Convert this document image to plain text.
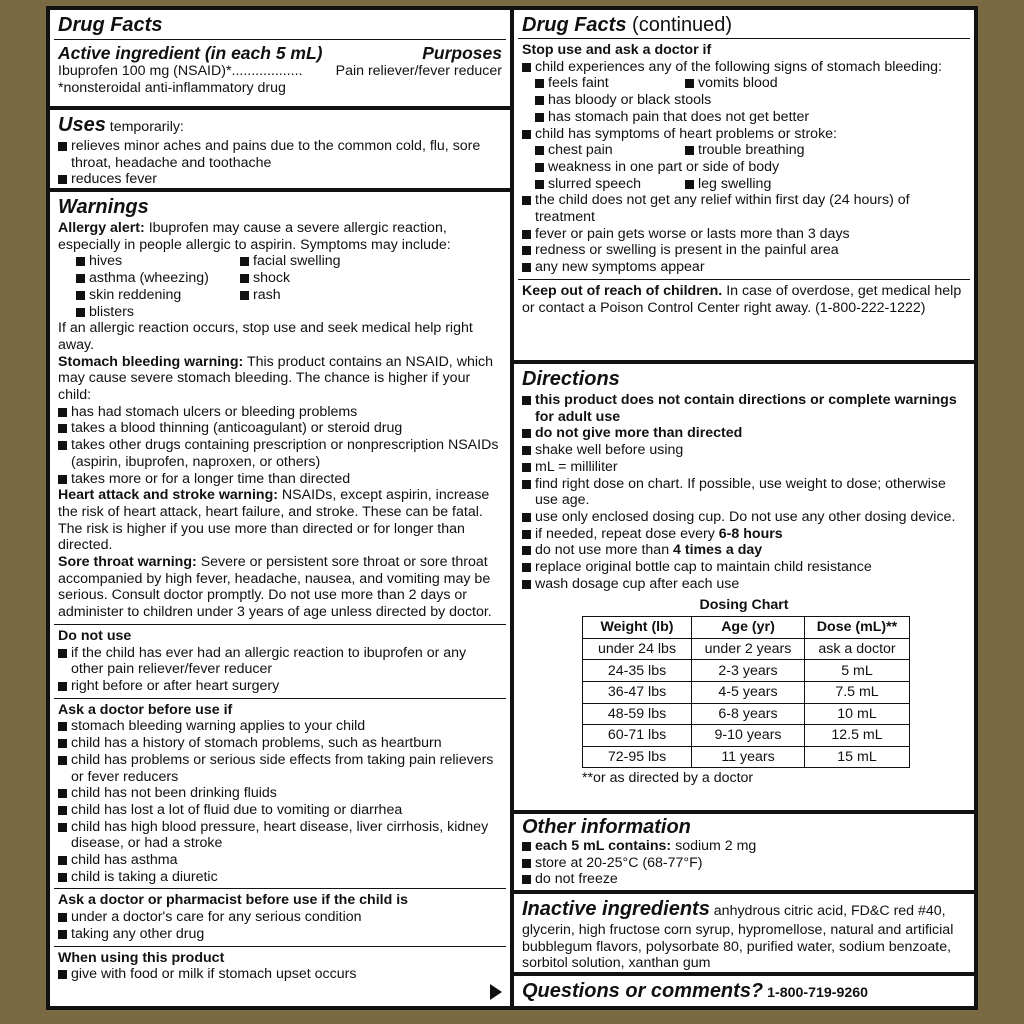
Drug Facts
Active ingredient (in each 5 mL)	Purposes
Ibuprofen 100 mg (NSAID)* ..................	Pain reliever/fever reducer
*nonsteroidal anti-inflammatory drug
Uses temporarily:
relieves minor aches and pains due to the common cold, flu, sore throat, headache and toothache
reduces fever
Warnings
Allergy alert: Ibuprofen may cause a severe allergic reaction, especially in people allergic to aspirin. Symptoms may include:
hives	facial swelling
asthma (wheezing)	shock
skin reddening	rash
blisters
If an allergic reaction occurs, stop use and seek medical help right away.
Stomach bleeding warning: This product contains an NSAID, which may cause severe stomach bleeding. The chance is higher if your child:
has had stomach ulcers or bleeding problems
takes a blood thinning (anticoagulant) or steroid drug
takes other drugs containing prescription or nonprescription NSAIDs (aspirin, ibuprofen, naproxen, or others)
takes more or for a longer time than directed
Heart attack and stroke warning: NSAIDs, except aspirin, increase the risk of heart attack, heart failure, and stroke. These can be fatal. The risk is higher if you use more than directed or for longer than directed.
Sore throat warning: Severe or persistent sore throat or sore throat accompanied by high fever, headache, nausea, and vomiting may be serious. Consult doctor promptly. Do not use more than 2 days or administer to children under 3 years of age unless directed by doctor.
Do not use
if the child has ever had an allergic reaction to ibuprofen or any other pain reliever/fever reducer
right before or after heart surgery
Ask a doctor before use if
stomach bleeding warning applies to your child
child has a history of stomach problems, such as heartburn
child has problems or serious side effects from taking pain relievers or fever reducers
child has not been drinking fluids
child has lost a lot of fluid due to vomiting or diarrhea
child has high blood pressure, heart disease, liver cirrhosis, kidney disease, or had a stroke
child has asthma
child is taking a diuretic
Ask a doctor or pharmacist before use if the child is
under a doctor's care for any serious condition
taking any other drug
When using this product
give with food or milk if stomach upset occurs
Drug Facts (continued)
Stop use and ask a doctor if
child experiences any of the following signs of stomach bleeding:
feels faint	vomits blood
has bloody or black stools
has stomach pain that does not get better
child has symptoms of heart problems or stroke:
chest pain	trouble breathing
weakness in one part or side of body
slurred speech	leg swelling
the child does not get any relief within first day (24 hours) of treatment
fever or pain gets worse or lasts more than 3 days
redness or swelling is present in the painful area
any new symptoms appear
Keep out of reach of children. In case of overdose, get medical help or contact a Poison Control Center right away. (1-800-222-1222)
Directions
this product does not contain directions or complete warnings for adult use
do not give more than directed
shake well before using
mL = milliliter
find right dose on chart. If possible, use weight to dose; otherwise use age.
use only enclosed dosing cup. Do not use any other dosing device.
if needed, repeat dose every 6-8 hours
do not use more than 4 times a day
replace original bottle cap to maintain child resistance
wash dosage cup after each use
Dosing Chart
Weight (lb)	Age (yr)	Dose (mL)**
under 24 lbs	under 2 years	ask a doctor
24-35 lbs	2-3 years	5 mL
36-47 lbs	4-5 years	7.5 mL
48-59 lbs	6-8 years	10 mL
60-71 lbs	9-10 years	12.5 mL
72-95 lbs	11 years	15 mL
**or as directed by a doctor
Other information
each 5 mL contains: sodium 2 mg
store at 20-25°C (68-77°F)
do not freeze
Inactive ingredients anhydrous citric acid, FD&C red #40, glycerin, high fructose corn syrup, hypromellose, natural and artificial bubblegum flavors, polysorbate 80, purified water, sodium benzoate, sorbitol solution, xanthan gum
Questions or comments? 1-800-719-9260
